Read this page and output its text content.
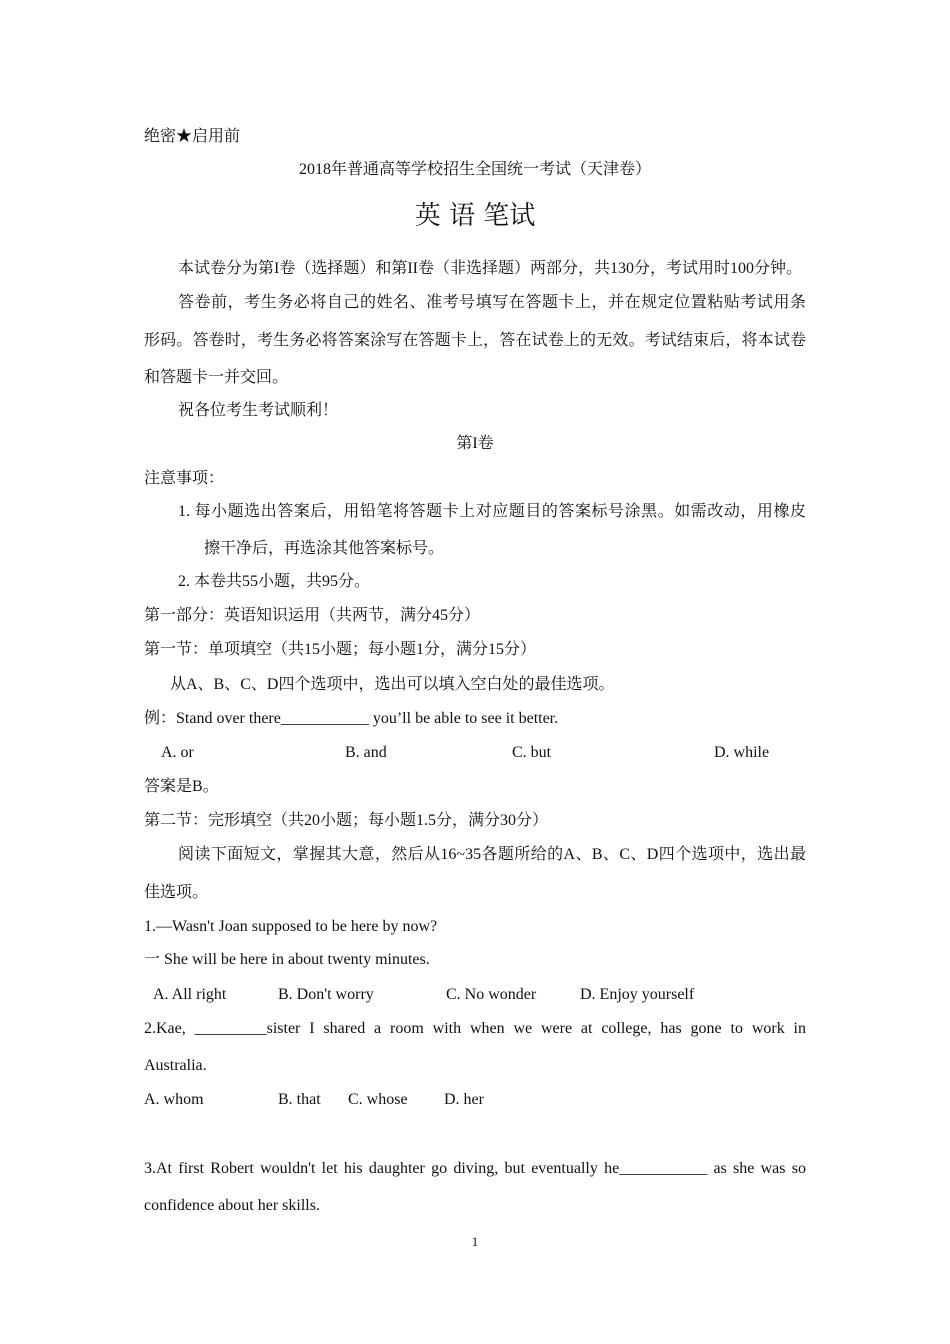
绝密★启用前
2018年普通高等学校招生全国统一考试（天津卷）
英 语 笔试
本试卷分为第I卷（选择题）和第II卷（非选择题）两部分，共130分，考试用时100分钟。
答卷前，考生务必将自己的姓名、准考号填写在答题卡上，并在规定位置粘贴考试用条
形码。答卷时，考生务必将答案涂写在答题卡上，答在试卷上的无效。考试结束后，将本试卷
和答题卡一并交回。
祝各位考生考试顺利！
第I卷
注意事项：
1. 每小题选出答案后，用铅笔将答题卡上对应题目的答案标号涂黑。如需改动，用橡皮
擦干净后，再选涂其他答案标号。
2. 本卷共55小题，共95分。
第一部分：英语知识运用（共两节，满分45分）
第一节：单项填空（共15小题；每小题1分，满分15分）
从A、B、C、D四个选项中，选出可以填入空白处的最佳选项。
例：Stand over there___________ you’ll be able to see it better.
A. or	B. and	C. but	D. while
答案是B。
第二节：完形填空（共20小题；每小题1.5分，满分30分）
阅读下面短文，掌握其大意，然后从16~35各题所给的A、B、C、D四个选项中，选出最
佳选项。
1.—Wasn't Joan supposed to be here by now?
一 She will be here in about twenty minutes.
A. All right	B. Don't worry	C. No wonder	D. Enjoy yourself
2.Kae, _________sister I shared a room with when we were at college, has gone to work in
Australia.
A. whom	B. that C. whose D. her
3.At first Robert wouldn't let his daughter go diving, but eventually he___________ as she was so
confidence about her skills.
1
